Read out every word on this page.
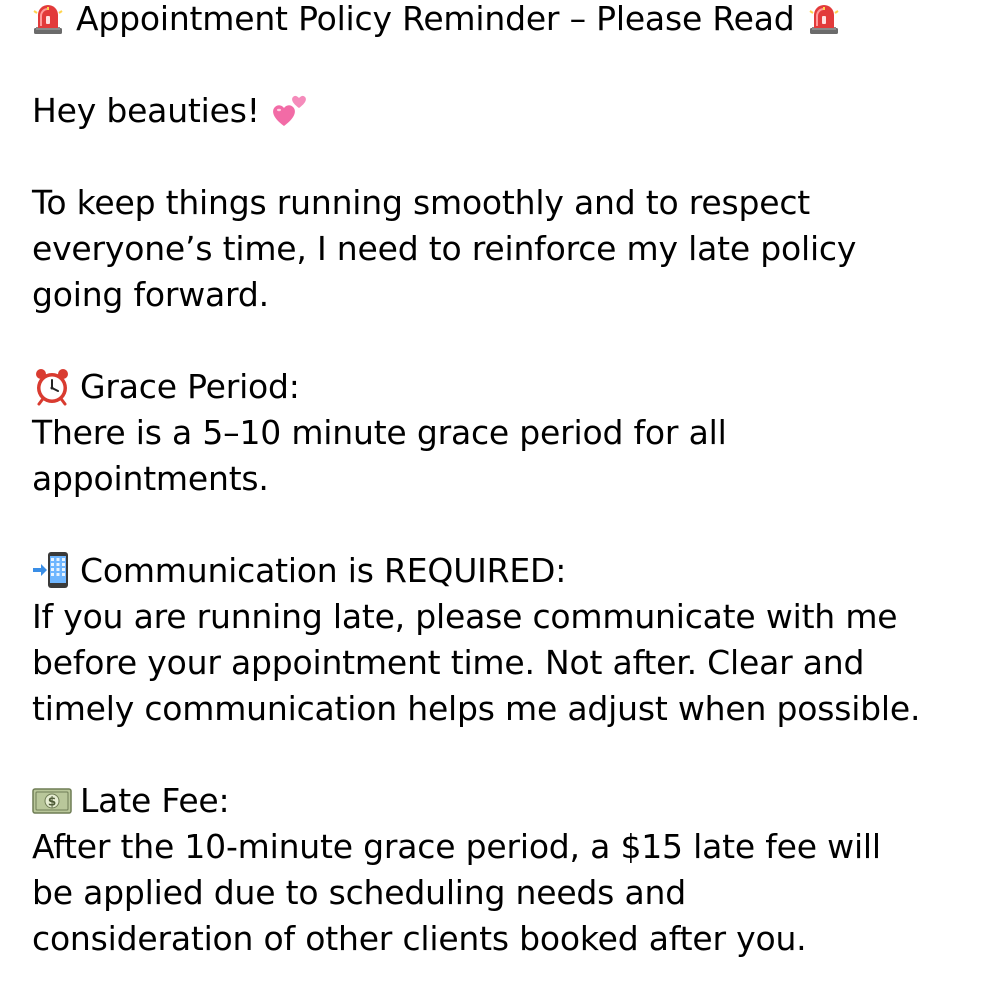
Appointment Policy Reminder – Please Read
Hey beauties!
To keep things running smoothly and to respect
everyone’s time, I need to reinforce my late policy
going forward.
Grace Period:
There is a 5–10 minute grace period for all
appointments.
Communication is REQUIRED:
If you are running late, please communicate with me
before your appointment time. Not after. Clear and
timely communication helps me adjust when possible.
$ Late Fee:
After the 10-minute grace period, a $15 late fee will
be applied due to scheduling needs and
consideration of other clients booked after you.
